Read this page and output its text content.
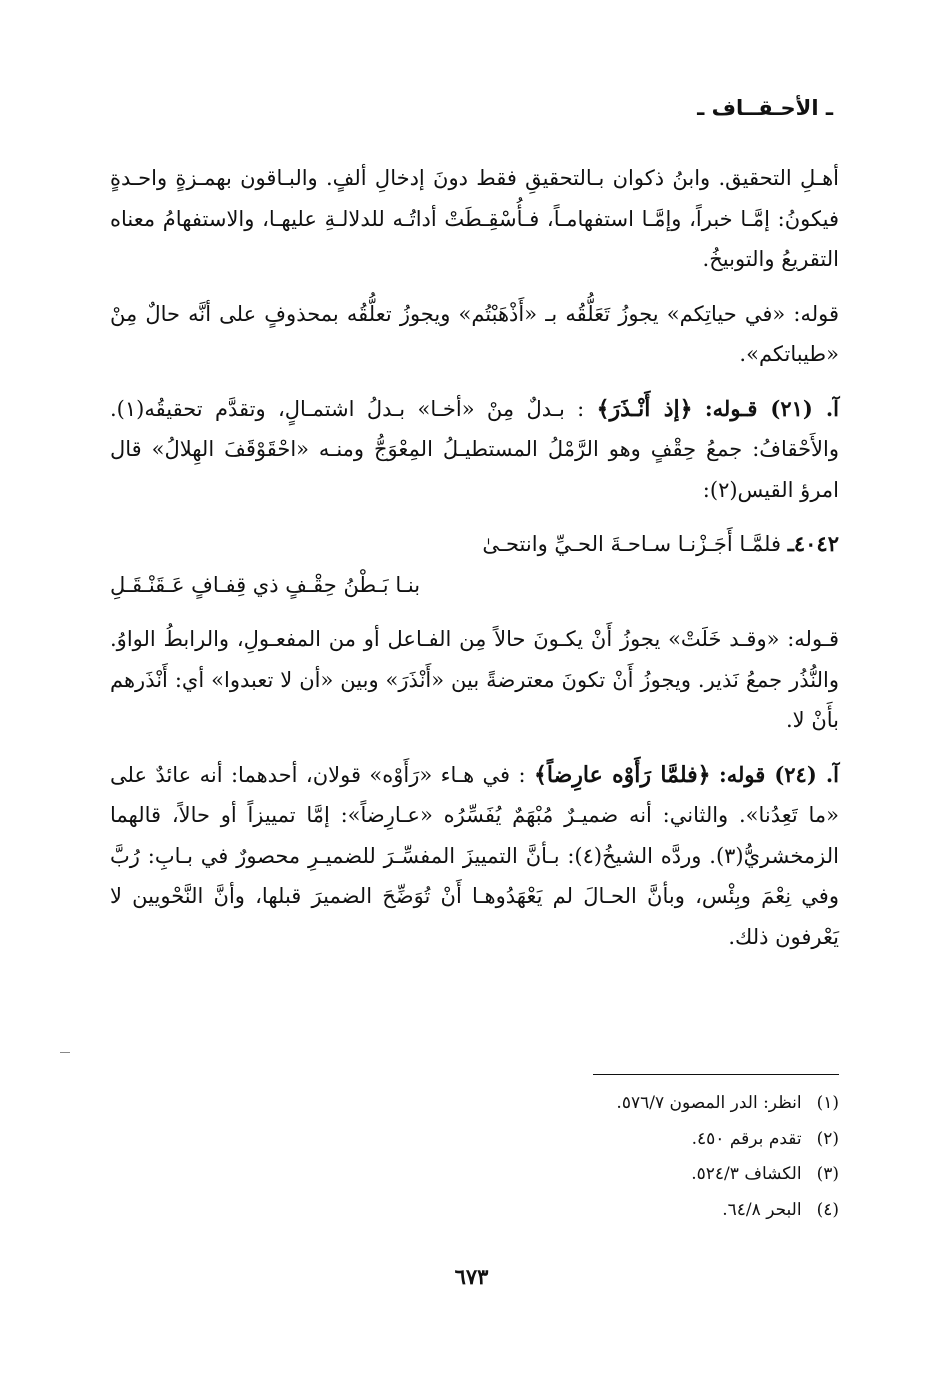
ـ الأحـقــاف ـ

أهـلِ التحقيق. وابنُ ذكوان بـالتحقيقِ فقط دونَ إدخالِ ألفٍ. والبـاقون بهمـزةٍ واحـدةٍ فيكونُ: إمَّـا خبراً، وإمَّـا استفهامـاً، فـأُسْقِـطَتْ أداتُـه للدلالـةِ عليهـا، والاستفهامُ معناه التقريعُ والتوبيخُ.

قوله: «في حياتِكم» يجوزُ تَعَلُّقُه بـ «أَذْهَبْتُم» ويجوزُ تعلُّقُه بمحذوفٍ على أنَّه حالٌ مِنْ «طيباتكم».

آ. (٢١) قـوله: ﴿إذ أَنْـذَرَ﴾ : بـدلٌ مِنْ «أخـا» بـدلُ اشتمـالٍ، وتقدَّم تحقيقُه(١). والأَحْقافُ: جمعُ حِقْفٍ وهو الرَّمْلُ المستطيـلُ المِعْوَجُّ ومنـه «احْقَوْقَفَ الهِلالُ» قال امرؤ القيس(٢):

٤٠٤٢ـ فلمَّـا أَجَـزْنـا سـاحـةَ الحـيِّ وانتحـىٰ
بنـا بَـطْنُ حِقْـفٍ ذي قِفـافٍ عَـقَنْـقَـلِ

قـوله: «وقـد خَلَتْ» يجوزُ أَنْ يكـونَ حالاً مِن الفـاعل أو من المفعـولِ، والرابطُ الواوُ. والنُّذُر جمعُ نَذير. ويجوزُ أَنْ تكونَ معترضةً بين «أَنْذَرَ» وبين «أن لا تعبدوا» أي: أَنْذَرهم بأَنْ لا.

آ. (٢٤) قوله: ﴿فلمَّا رَأَوْه عارِضاً﴾ : في هـاء «رَأَوْه» قولان، أحدهما: أنه عائدٌ على «ما تَعِدُنا». والثاني: أنه ضميـرٌ مُبْهَمٌ يُفَسِّرُه «عـارِضاً»: إمَّا تمييزاً أو حالاً، قالهما الزمخشريُّ(٣). وردَّه الشيخُ(٤): بـأنَّ التمييزَ المفسِّـرَ للضميـرِ محصورٌ في بـابِ: رُبَّ وفي نِعْمَ وبِئْس، وبأنَّ الحـالَ لم يَعْهَدُوهـا أَنْ تُوَضِّحَ الضميرَ قبلها، وأنَّ النَّحْويين لا يَعْرفون ذلك.

(١) انظر: الدر المصون ٥٧٦/٧.
(٢) تقدم برقم ٤٥٠.
(٣) الكشاف ٥٢٤/٣.
(٤) البحر ٦٤/٨.
٦٧٣
